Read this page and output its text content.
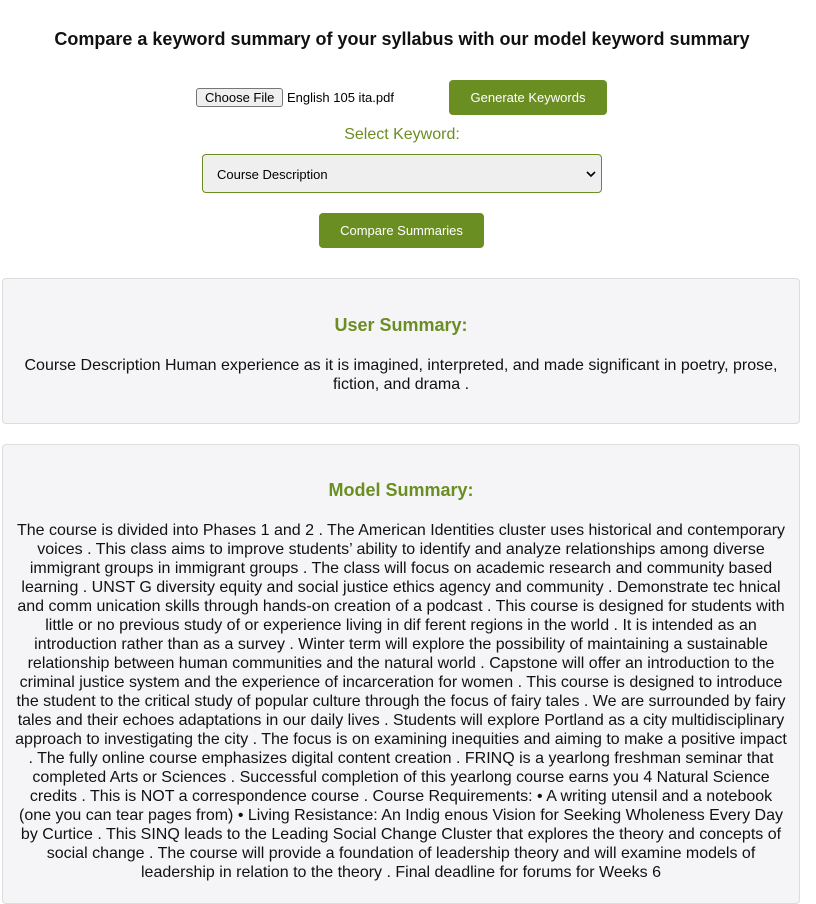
Compare a keyword summary of your syllabus with our model keyword summary
Choose File English 105 ita.pdf	Generate Keywords
Select Keyword:
Course Description
Compare Summaries
User Summary:

Course Description Human experience as it is imagined, interpreted, and made significant in poetry, prose, fiction, and drama .

Model Summary:

The course is divided into Phases 1 and 2 . The American Identities cluster uses historical and contemporary voices . This class aims to improve students’ ability to identify and analyze relationships among diverse immigrant groups in immigrant groups . The class will focus on academic research and community based learning . UNST G diversity equity and social justice ethics agency and community . Demonstrate tec hnical and comm unication skills through hands-on creation of a podcast . This course is designed for students with little or no previous study of or experience living in dif ferent regions in the world . It is intended as an introduction rather than as a survey . Winter term will explore the possibility of maintaining a sustainable relationship between human communities and the natural world . Capstone will offer an introduction to the criminal justice system and the experience of incarceration for women . This course is designed to introduce the student to the critical study of popular culture through the focus of fairy tales . We are surrounded by fairy tales and their echoes adaptations in our daily lives . Students will explore Portland as a city multidisciplinary approach to investigating the city . The focus is on examining inequities and aiming to make a positive impact . The fully online course emphasizes digital content creation . FRINQ is a yearlong freshman seminar that completed Arts or Sciences . Successful completion of this yearlong course earns you 4 Natural Science credits . This is NOT a correspondence course . Course Requirements: • A writing utensil and a notebook (one you can tear pages from) • Living Resistance: An Indig enous Vision for Seeking Wholeness Every Day by Curtice . This SINQ leads to the Leading Social Change Cluster that explores the theory and concepts of social change . The course will provide a foundation of leadership theory and will examine models of leadership in relation to the theory . Final deadline for forums for Weeks 6
